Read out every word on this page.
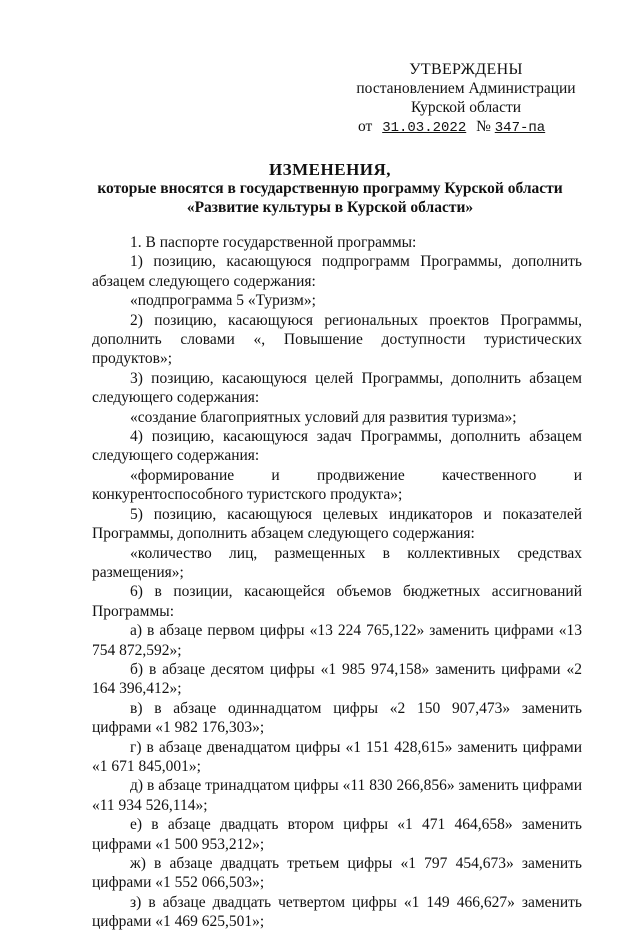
УТВЕРЖДЕНЫ
постановлением Администрации
Курской области
от 31.03.2022 № 347-па
ИЗМЕНЕНИЯ,
которые вносятся в государственную программу Курской области
«Развитие культуры в Курской области»

1. В паспорте государственной программы:

1) позицию, касающуюся подпрограмм Программы, дополнить абзацем следующего содержания:

«подпрограмма 5 «Туризм»;

2) позицию, касающуюся региональных проектов Программы, дополнить словами «, Повышение доступности туристических продуктов»;

3) позицию, касающуюся целей Программы, дополнить абзацем следующего содержания:

«создание благоприятных условий для развития туризма»;

4) позицию, касающуюся задач Программы, дополнить абзацем следующего содержания:

«формирование и продвижение качественного и конкурентоспособного туристского продукта»;

5) позицию, касающуюся целевых индикаторов и показателей Программы, дополнить абзацем следующего содержания:

«количество лиц, размещенных в коллективных средствах размещения»;

6) в позиции, касающейся объемов бюджетных ассигнований Программы:

а) в абзаце первом цифры «13 224 765,122» заменить цифрами «13 754 872,592»;

б) в абзаце десятом цифры «1 985 974,158» заменить цифрами «2 164 396,412»;

в) в абзаце одиннадцатом цифры «2 150 907,473» заменить цифрами «1 982 176,303»;

г) в абзаце двенадцатом цифры «1 151 428,615» заменить цифрами «1 671 845,001»;

д) в абзаце тринадцатом цифры «11 830 266,856» заменить цифрами «11 934 526,114»;

е) в абзаце двадцать втором цифры «1 471 464,658» заменить цифрами «1 500 953,212»;

ж) в абзаце двадцать третьем цифры «1 797 454,673» заменить цифрами «1 552 066,503»;

з) в абзаце двадцать четвертом цифры «1 149 466,627» заменить цифрами «1 469 625,501»;
